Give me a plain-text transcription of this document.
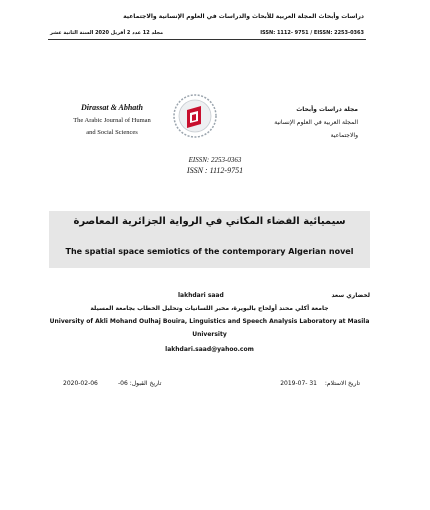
دراسات وأبحاث المجلة العربية للأبحاث والدراسات في العلوم الإنسانية والاجتماعية
ISSN: 1112- 9751 / EISSN: 2253-0363
مجلد 12 عدد 2 أفريل 2020 السنة الثانية عشر
Dirassat & Abhath
The Arabic Journal of Human
and Social Sciences
مجلة دراسات وأبحاث
المجلة العربية في العلوم الإنسانية
والاجتماعية
EISSN: 2253-0363
ISSN : 1112-9751
سيميائية الفضاء المكاني في الرواية الجزائرية المعاصرة
The spatial space semiotics of the contemporary Algerian novel
لخضاري سعد
lakhdari saad
جامعة أكلي محند أولحاج بالبويرة، مخبر اللسانيات وتحليل الخطاب بجامعة المسيلة
University of Akli Mohand Oulhaj Bouira, Linguistics and Speech Analysis Laboratory at Masila
University
lakhdari.saad@yahoo.com
تاريخ الاستلام:
2019-07- 31
تاريخ القبول: 06-
2020-02-06
